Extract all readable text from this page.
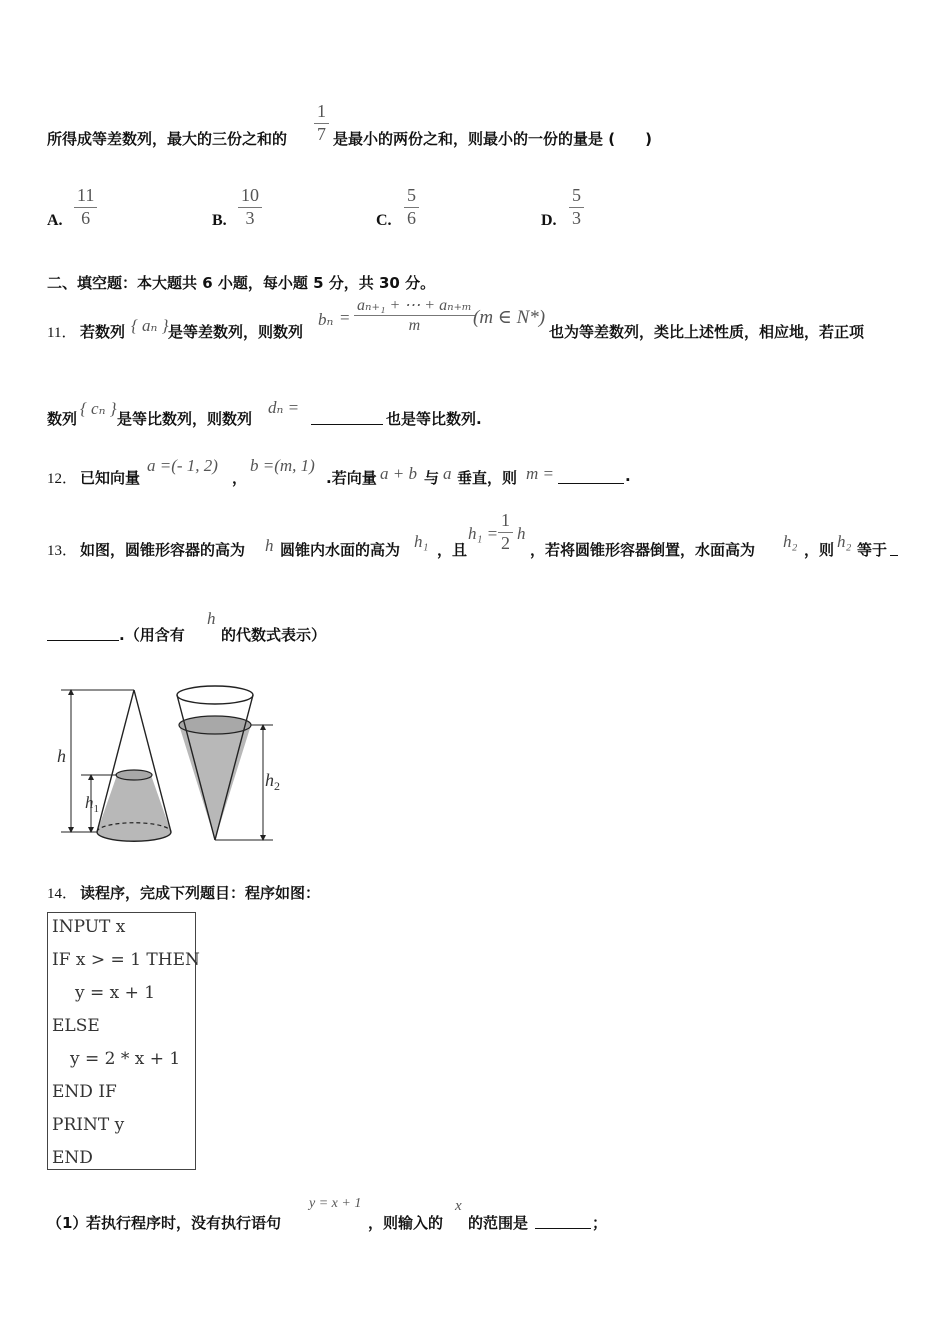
所得成等差数列，最大的三份之和的 $\frac{1}{7}$ 是最小的两份之和，则最小的一份的量是 (　　)
A. $\frac{11}{6}$	B. $\frac{10}{3}$	C. $\frac{5}{6}$	D. $\frac{5}{3}$
二、填空题：本大题共 6 小题，每小题 5 分，共 30 分。
11． 若数列 { aₙ } 是等差数列，则数列
$b_n = \frac{\text{aₙ₊₁ + ⋯ + aₙ₊ₘ}}{m}$
(m ∈ N*)
也为等差数列，类比上述性质，相应地，若正项
数列
{ cₙ }
是等比数列，则数列
dₙ =
也是等比数列.
12． 已知向量
a =(- 1, 2)
，
b =(m, 1)
.若向量 a + b 与 a 垂直，则 m =	.
13． 如图，圆锥形容器的高为 h 圆锥内水面的高为 h₁ ，且
$h_1 = \frac{1}{2}$ h
，若将圆锥形容器倒置，水面高为 h₂ ，则 h₂ 等于
.（用含有
h
的代数式表示）
h
$h_1$
$h_2$
14． 读程序，完成下列题目：程序如图：
INPUT x
IF x > = 1 THEN
y = x + 1
ELSE
y = 2 * x + 1
END IF
PRINT y
END
（1）
若执行程序时，没有执行语句
y = x + 1
，则输入的
x
的范围是	；
